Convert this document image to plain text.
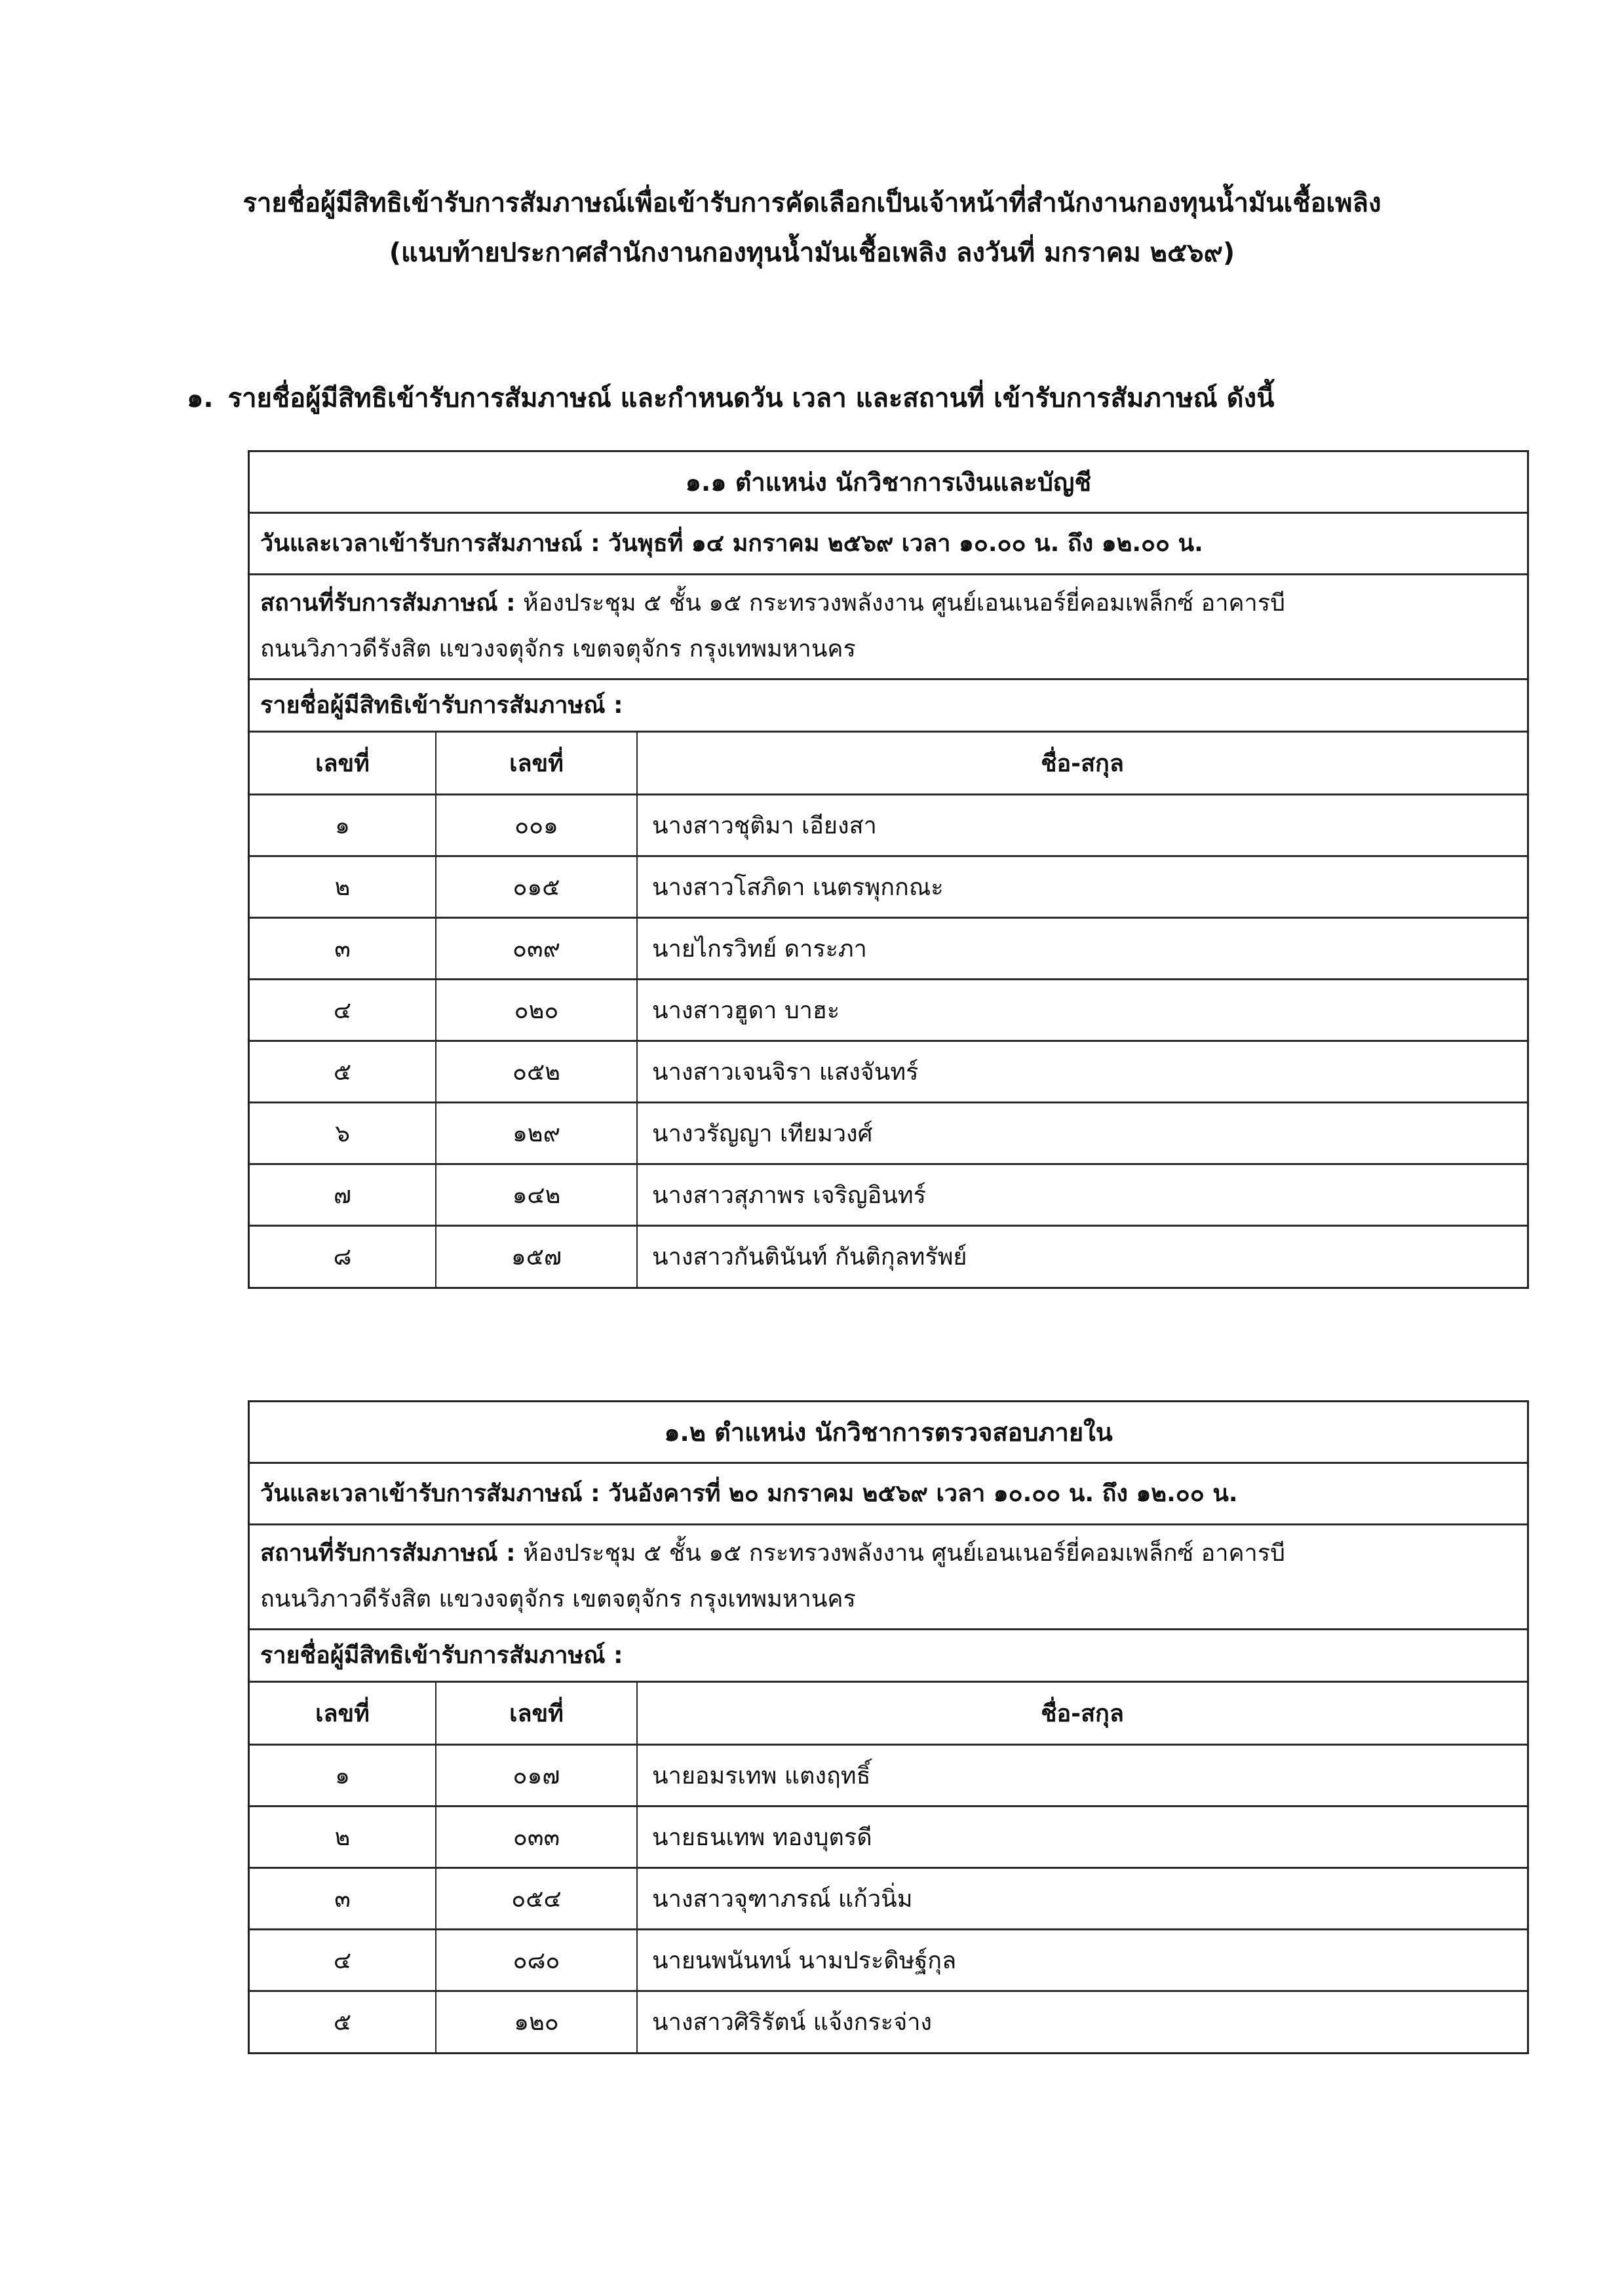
รายชื่อผู้มีสิทธิเข้ารับการสัมภาษณ์เพื่อเข้ารับการคัดเลือกเป็นเจ้าหน้าที่สำนักงานกองทุนน้ำมันเชื้อเพลิง
(แนบท้ายประกาศสำนักงานกองทุนน้ำมันเชื้อเพลิง ลงวันที่ มกราคม ๒๕๖๙)
๑. รายชื่อผู้มีสิทธิเข้ารับการสัมภาษณ์ และกำหนดวัน เวลา และสถานที่ เข้ารับการสัมภาษณ์ ดังนี้
๑.๑ ตำแหน่ง นักวิชาการเงินและบัญชี
วันและเวลาเข้ารับการสัมภาษณ์ :
วันพุธที่ ๑๔ มกราคม ๒๕๖๙ เวลา ๑๐.๐๐ น. ถึง ๑๒.๐๐ น.
สถานที่รับการสัมภาษณ์ : ห้องประชุม ๕ ชั้น ๑๕ กระทรวงพลังงาน ศูนย์เอนเนอร์ยี่คอมเพล็กซ์ อาคารบี
ถนนวิภาวดีรังสิต แขวงจตุจักร เขตจตุจักร กรุงเทพมหานคร
รายชื่อผู้มีสิทธิเข้ารับการสัมภาษณ์ :
เลขที่	เลขที่	ชื่อ-สกุล
๑	๐๐๑	นางสาวชุติมา เอียงสา
๒	๐๑๕	นางสาวโสภิดา เนตรพุกกณะ
๓	๐๓๙	นายไกรวิทย์ ดาระภา
๔	๐๒๐	นางสาวฮูดา บาฮะ
๕	๐๕๒	นางสาวเจนจิรา แสงจันทร์
๖	๑๒๙	นางวรัญญา เทียมวงศ์
๗	๑๔๒	นางสาวสุภาพร เจริญอินทร์
๘	๑๕๗	นางสาวกันตินันท์ กันติกุลทรัพย์
๑.๒ ตำแหน่ง นักวิชาการตรวจสอบภายใน
วันและเวลาเข้ารับการสัมภาษณ์ :
วันอังคารที่ ๒๐ มกราคม ๒๕๖๙ เวลา ๑๐.๐๐ น. ถึง ๑๒.๐๐ น.
สถานที่รับการสัมภาษณ์ : ห้องประชุม ๕ ชั้น ๑๕ กระทรวงพลังงาน ศูนย์เอนเนอร์ยี่คอมเพล็กซ์ อาคารบี
ถนนวิภาวดีรังสิต แขวงจตุจักร เขตจตุจักร กรุงเทพมหานคร
รายชื่อผู้มีสิทธิเข้ารับการสัมภาษณ์ :
เลขที่	เลขที่	ชื่อ-สกุล
๑	๐๑๗	นายอมรเทพ แตงฤทธิ์
๒	๐๓๓	นายธนเทพ ทองบุตรดี
๓	๐๕๔	นางสาวจุฑาภรณ์ แก้วนิ่ม
๔	๐๘๐	นายนพนันทน์ นามประดิษฐ์กุล
๕	๑๒๐	นางสาวศิริรัตน์ แจ้งกระจ่าง
